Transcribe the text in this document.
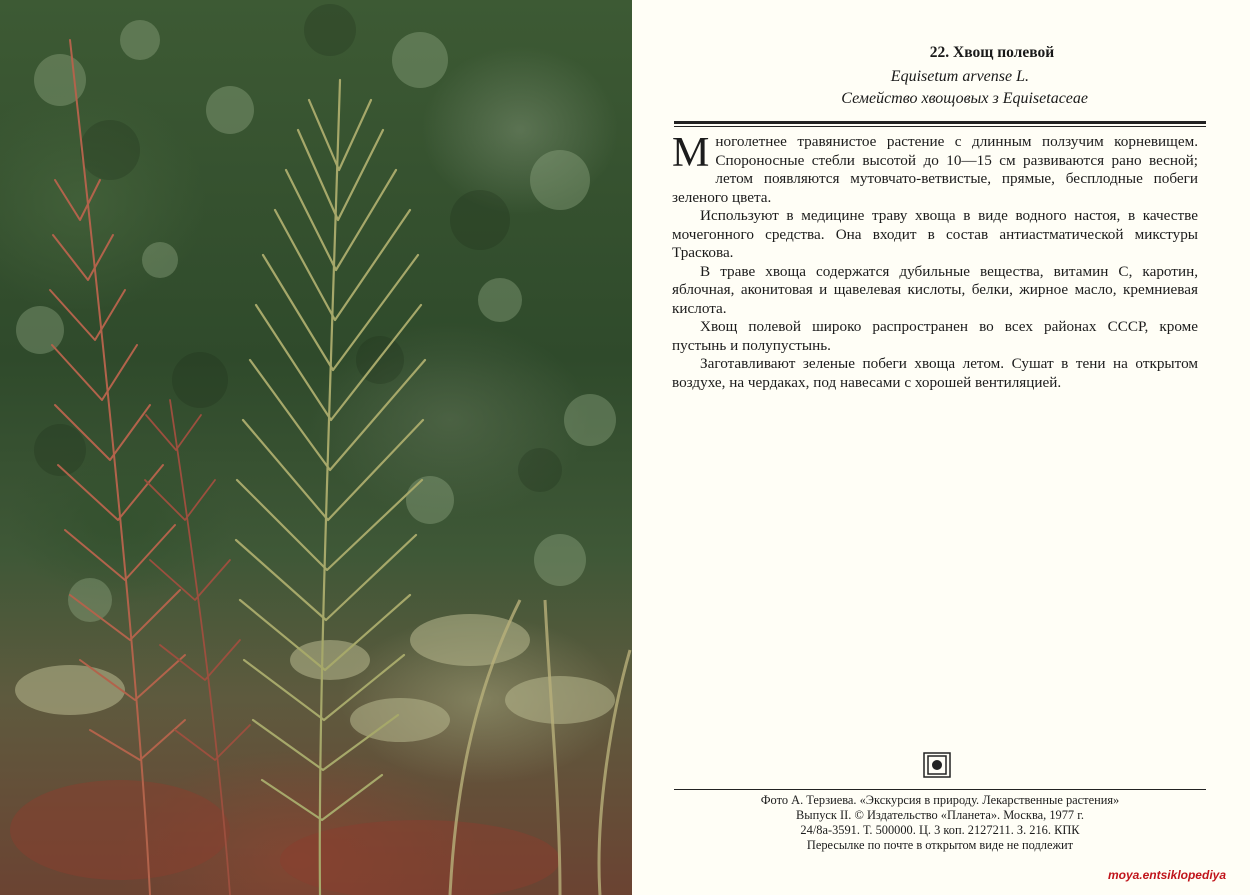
22. Хвощ полевой
Equisetum arvense L.
Семейство хвощовых з Equisetaceae

Многолетнее травянистое растение с длинным ползучим корневищем. Спороносные стебли высотой до 10—15 см развиваются рано весной; летом появляются мутовчато-ветвистые, прямые, бесплодные побеги зеленого цвета.

Используют в медицине траву хвоща в виде водного настоя, в качестве мочегонного средства. Она входит в состав антиастматической микстуры Траскова.

В траве хвоща содержатся дубильные вещества, витамин С, каротин, яблочная, аконитовая и щавелевая кислоты, белки, жирное масло, кремниевая кислота.

Хвощ полевой широко распространен во всех районах СССР, кроме пустынь и полупустынь.

Заготавливают зеленые побеги хвоща летом. Сушат в тени на открытом воздухе, на чердаках, под навесами с хорошей вентиляцией.

Фото А. Терзиева. «Экскурсия в природу. Лекарственные растения»
Выпуск II. © Издательство «Планета». Москва, 1977 г.
24/8а-3591. Т. 500000. Ц. 3 коп. 2127211. З. 216. КПК
Пересылке по почте в открытом виде не подлежит
moya.entsiklopediya
